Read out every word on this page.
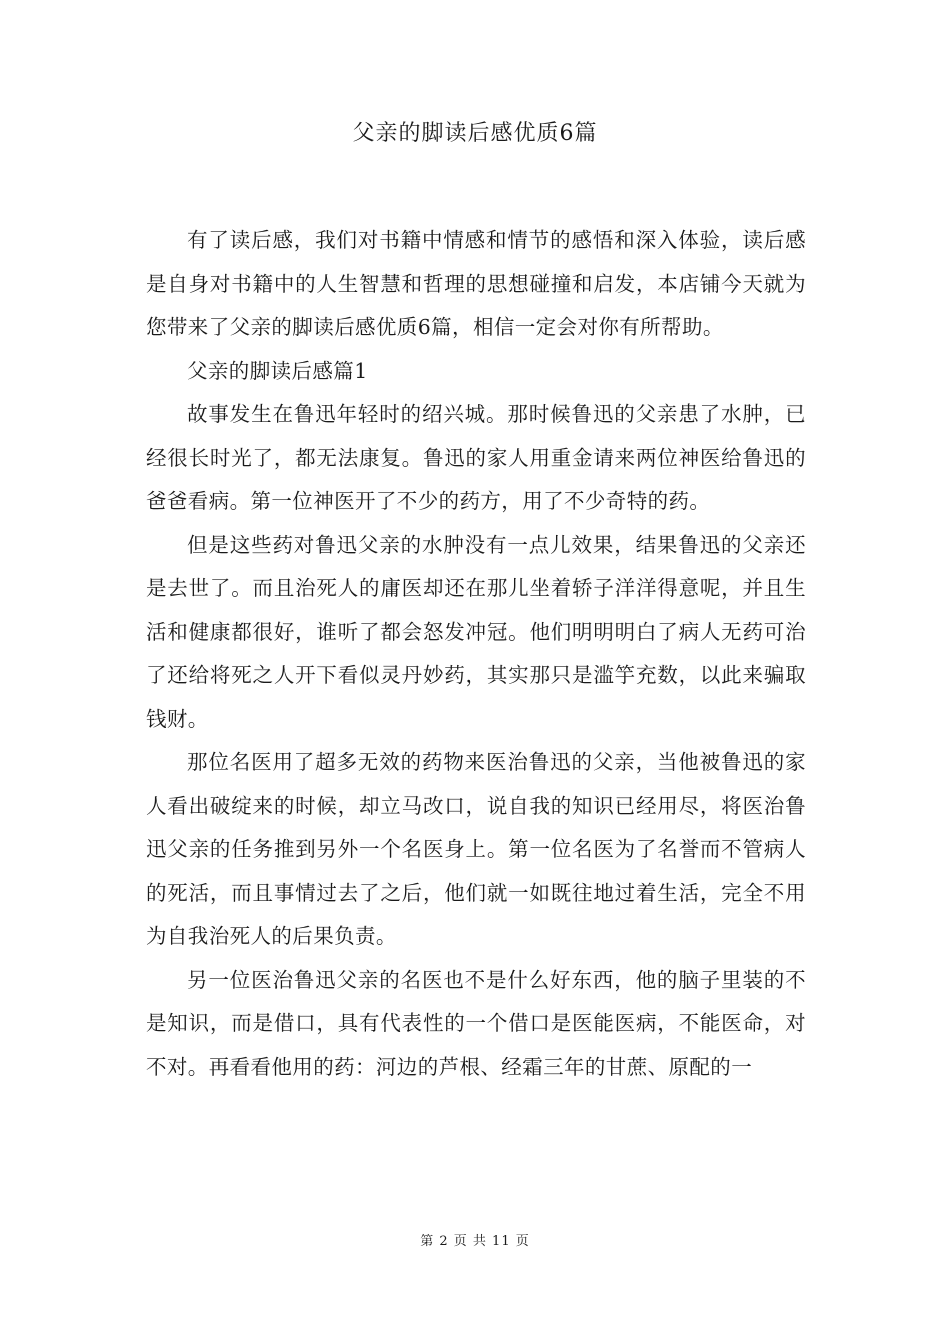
父亲的脚读后感优质6篇

有了读后感，我们对书籍中情感和情节的感悟和深入体验，读后感是自身对书籍中的人生智慧和哲理的思想碰撞和启发，本店铺今天就为您带来了父亲的脚读后感优质6篇，相信一定会对你有所帮助。

父亲的脚读后感篇1

故事发生在鲁迅年轻时的绍兴城。那时候鲁迅的父亲患了水肿，已经很长时光了，都无法康复。鲁迅的家人用重金请来两位神医给鲁迅的爸爸看病。第一位神医开了不少的药方，用了不少奇特的药。

但是这些药对鲁迅父亲的水肿没有一点儿效果，结果鲁迅的父亲还是去世了。而且治死人的庸医却还在那儿坐着轿子洋洋得意呢，并且生活和健康都很好，谁听了都会怒发冲冠。他们明明明白了病人无药可治了还给将死之人开下看似灵丹妙药，其实那只是滥竽充数，以此来骗取钱财。

那位名医用了超多无效的药物来医治鲁迅的父亲，当他被鲁迅的家人看出破绽来的时候，却立马改口，说自我的知识已经用尽，将医治鲁迅父亲的任务推到另外一个名医身上。第一位名医为了名誉而不管病人的死活，而且事情过去了之后，他们就一如既往地过着生活，完全不用为自我治死人的后果负责。

另一位医治鲁迅父亲的名医也不是什么好东西，他的脑子里装的不是知识，而是借口，具有代表性的一个借口是医能医病，不能医命，对不对。再看看他用的药：河边的芦根、经霜三年的甘蔗、原配的一

第 2 页 共 11 页
